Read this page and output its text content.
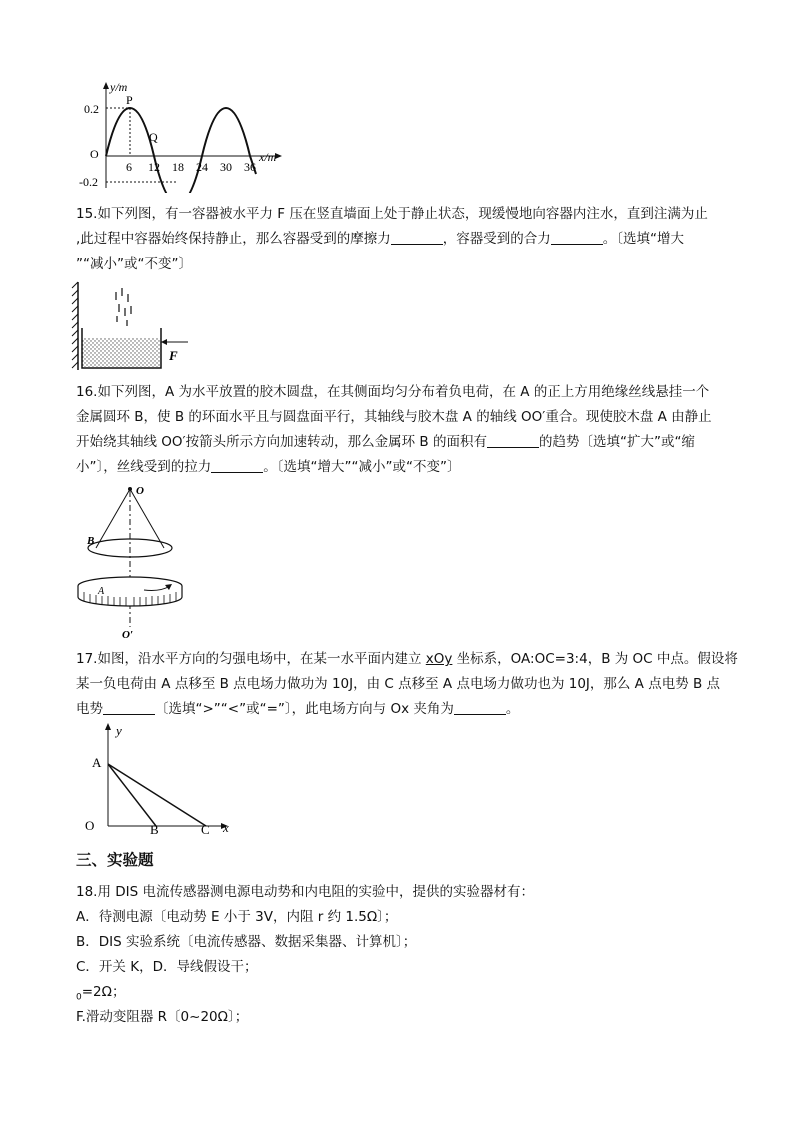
y/m
P
Q
0.2
O
-0.2
6 12 18 24 30 36
x/m
15.如下列图，有一容器被水平力 F 压在竖直墙面上处于静止状态，现缓慢地向容器内注水，直到注满为止
,此过程中容器始终保持静止，那么容器受到的摩擦力	，容器受到的合力	。〔选填“增大
”“减小”或“不变”〕
F
16.如下列图，A 为水平放置的胶木圆盘，在其侧面均匀分布着负电荷，在 A 的正上方用绝缘丝线悬挂一个
金属圆环 B，使 B 的环面水平且与圆盘面平行，其轴线与胶木盘 A 的轴线 OO′重合。现使胶木盘 A 由静止
开始绕其轴线 OO′按箭头所示方向加速转动，那么金属环 B 的面积有	的趋势〔选填“扩大”或“缩
小”〕，丝线受到的拉力	。〔选填“增大”“减小”或“不变”〕
O
B
A
O′
17.如图，沿水平方向的匀强电场中，在某一水平面内建立 xOy 坐标系，OA:OC=3:4，B 为 OC 中点。假设将
某一负电荷由 A 点移至 B 点电场力做功为 10J，由 C 点移至 A 点电场力做功也为 10J，那么 A 点电势 B 点
电势	〔选填“>”“<”或“=”〕，此电场方向与 Ox 夹角为	。
y
A
O	B	C x
三、实验题
18.用 DIS 电流传感器测电源电动势和内电阻的实验中，提供的实验器材有：
A．待测电源〔电动势 E 小于 3V，内阻 r 约 1.5Ω〕；
B．DIS 实验系统〔电流传感器、数据采集器、计算机〕；
C．开关 K，D．导线假设干；
$_0$=2Ω；
F.滑动变阻器 R〔0~20Ω〕；
